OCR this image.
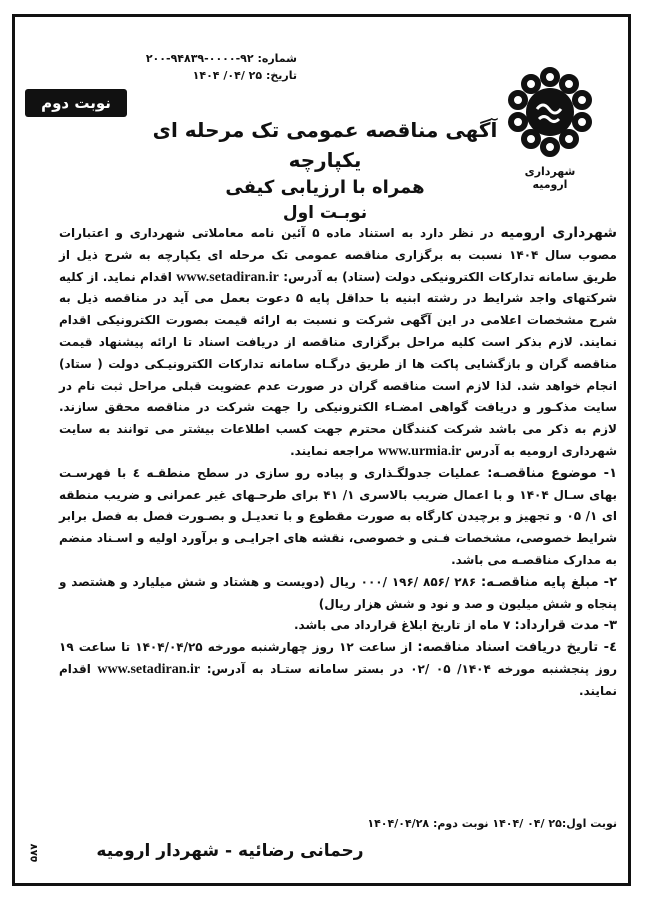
شماره: ۹۲-۰۰۰۰-۹۴۸۳۹-۲۰۰
تاریخ: ۲۵ /۰۴/ ۱۴۰۴
نوبت دوم
شهرداری ارومیه
آگهی مناقصه عمومی تک مرحله ای یکپارچه
همراه با ارزیابی کیفی
نوبـت اول

شهرداری ارومیه در نظر دارد به استناد ماده ۵ آئین نامه معاملاتی شهرداری و اعتبارات مصوب سال ۱۴۰۴ نسبت به برگزاری مناقصه عمومی تک مرحله ای یکپارچه به شرح ذیل از طریق سامانه تدارکات الکترونیکی دولت (ستاد) به آدرس: www.setadiran.ir اقدام نماید. از کلیه شرکتهای واجد شرایط در رشته ابنیه با حداقل پایه ۵ دعوت بعمل می آید در مناقصه ذیل به شرح مشخصات اعلامی در این آگهی شرکت و نسبت به ارائه قیمت بصورت الکترونیکی اقدام نمایند. لازم بذکر است کلیه مراحل برگزاری مناقصه از دریافت اسناد تا ارائه پیشنهاد قیمت مناقصه گران و بازگشایی پاکت ها از طریق درگـاه سامانه تدارکات الکترونیـکی دولت ( ستاد) انجام خواهد شد. لذا لازم است مناقصه گران در صورت عدم عضویت قبلی مراحل ثبت نام در سایت مذکـور و دریافت گواهی امضـاء الکترونیکی را جهت شرکت در مناقصه محقق سازند. لازم به ذکر می باشد شرکت کنندگان محترم جهت کسب اطلاعات بیشتر می توانند به سایت شهرداری ارومیه به آدرس www.urmia.ir مراجعه نمایند.

۱- موضوع مناقصـه: عملیات جدولگـذاری و پیاده رو سازی در سطح منطقـه ٤ با فهرسـت بهای سـال ۱۴۰۴ و با اعمال ضریب بالاسری ۱/ ۴۱ برای طرحـهای غیر عمرانی و ضریب منطقه ای ۱/ ۰۵ و تجهیز و برچیدن کارگاه به صورت مقطوع و با تعدیـل و بصـورت فصل به فصل برابر شرایط خصوصی، مشخصات فـنی و خصوصی، نقشه های اجرایـی و برآورد اولیه و اسـناد منضم به مدارک مناقصـه می باشد.

۲- مبلغ پایه مناقصـه: ۲۸۶ /۸۵۶ /۱۹۶ /۰۰۰ ریال (دویست و هشتاد و شش میلیارد و هشتصد و پنجاه و شش میلیون و صد و نود و شش هزار ریال)

۳- مدت قرارداد: ۷ ماه از تاریخ ابلاغ قرارداد می باشد.

٤- تاریخ دریافت اسناد مناقصه: از ساعت ۱۲ روز چهارشنبه مورخه ۱۴۰۴/۰۴/۲۵ تا ساعت ۱۹ روز پنجشنبه مورخه ۱۴۰۴/ ۰۵ /۰۲ در بستر سامانه ستـاد به آدرس: www.setadiran.ir اقدام نمایند.

نوبت اول:۲۵ /۰۴ /۱۴۰۴ نوبت دوم: ۱۴۰۴/۰۴/۲۸
رحمانی رضائیه - شهردار ارومیه
۵۸۷
